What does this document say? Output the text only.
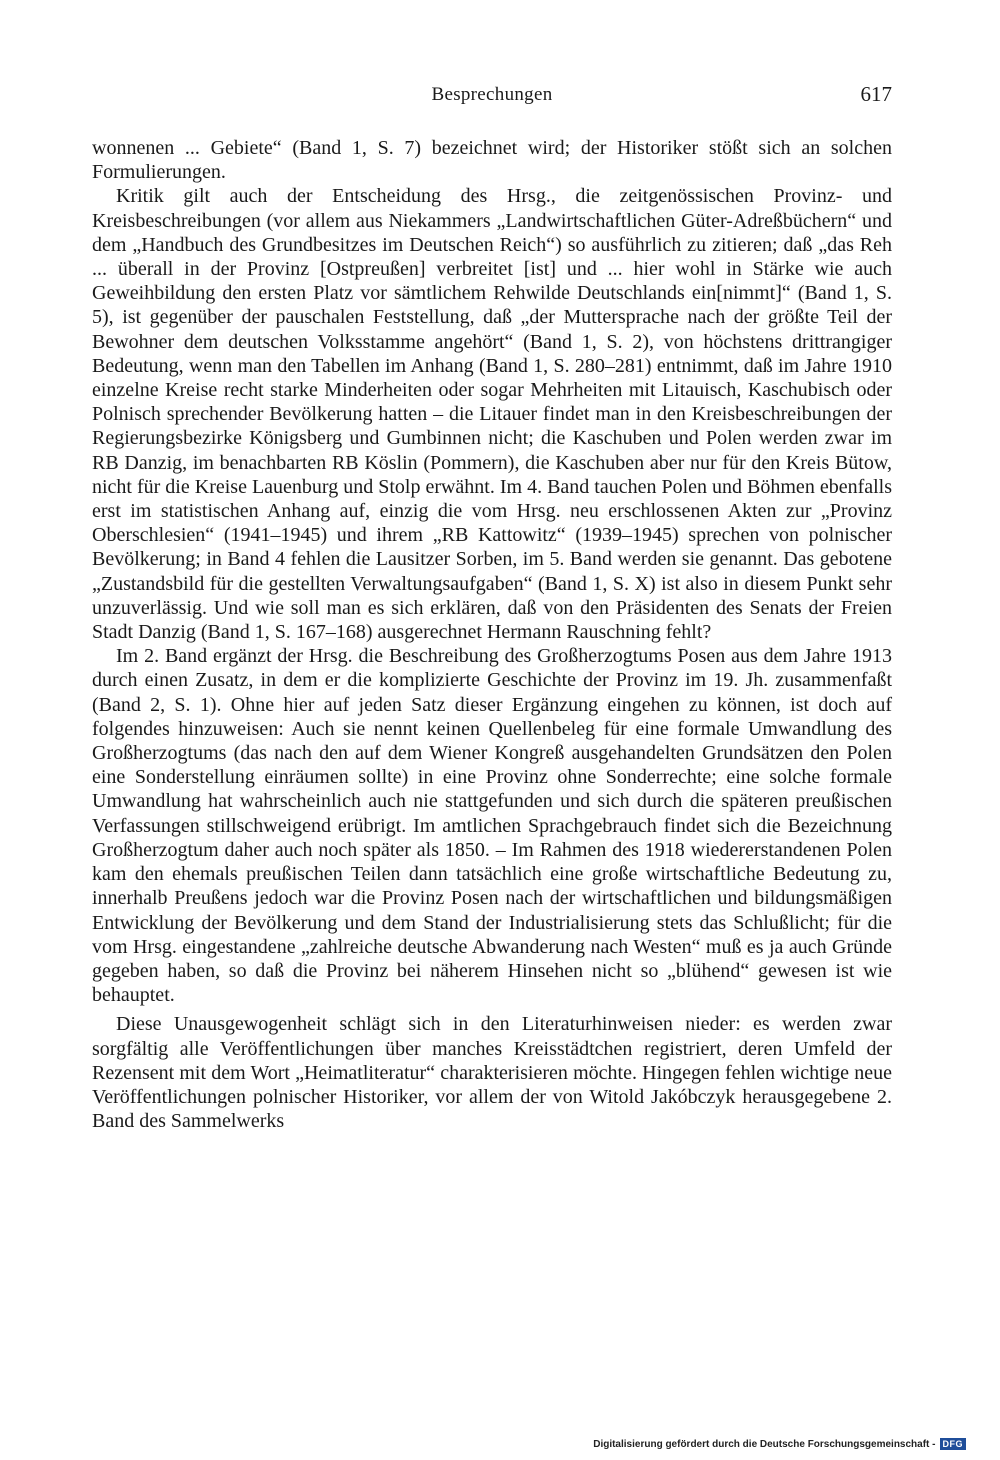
Besprechungen	617

wonnenen ... Gebiete“ (Band 1, S. 7) bezeichnet wird; der Historiker stößt sich an solchen Formulierungen.

Kritik gilt auch der Entscheidung des Hrsg., die zeitgenössischen Provinz- und Kreisbeschreibungen (vor allem aus Niekammers „Landwirtschaftlichen Güter-Adreßbüchern“ und dem „Handbuch des Grundbesitzes im Deutschen Reich“) so ausführlich zu zitieren; daß „das Reh ... überall in der Provinz [Ostpreußen] verbreitet [ist] und ... hier wohl in Stärke wie auch Geweihbildung den ersten Platz vor sämtlichem Rehwilde Deutschlands ein[nimmt]“ (Band 1, S. 5), ist gegenüber der pauschalen Feststellung, daß „der Muttersprache nach der größte Teil der Bewohner dem deutschen Volksstamme angehört“ (Band 1, S. 2), von höchstens drittrangiger Bedeutung, wenn man den Tabellen im Anhang (Band 1, S. 280–281) entnimmt, daß im Jahre 1910 einzelne Kreise recht starke Minderheiten oder sogar Mehrheiten mit Litauisch, Kaschubisch oder Polnisch sprechender Bevölkerung hatten – die Litauer findet man in den Kreisbeschreibungen der Regierungsbezirke Königsberg und Gumbinnen nicht; die Kaschuben und Polen werden zwar im RB Danzig, im benachbarten RB Köslin (Pommern), die Kaschuben aber nur für den Kreis Bütow, nicht für die Kreise Lauenburg und Stolp erwähnt. Im 4. Band tauchen Polen und Böhmen ebenfalls erst im statistischen Anhang auf, einzig die vom Hrsg. neu erschlossenen Akten zur „Provinz Oberschlesien“ (1941–1945) und ihrem „RB Kattowitz“ (1939–1945) sprechen von polnischer Bevölkerung; in Band 4 fehlen die Lausitzer Sorben, im 5. Band werden sie genannt. Das gebotene „Zustandsbild für die gestellten Verwaltungsaufgaben“ (Band 1, S. X) ist also in diesem Punkt sehr unzuverlässig. Und wie soll man es sich erklären, daß von den Präsidenten des Senats der Freien Stadt Danzig (Band 1, S. 167–168) ausgerechnet Hermann Rauschning fehlt?

Im 2. Band ergänzt der Hrsg. die Beschreibung des Großherzogtums Posen aus dem Jahre 1913 durch einen Zusatz, in dem er die komplizierte Geschichte der Provinz im 19. Jh. zusammenfaßt (Band 2, S. 1). Ohne hier auf jeden Satz dieser Ergänzung eingehen zu können, ist doch auf folgendes hinzuweisen: Auch sie nennt keinen Quellenbeleg für eine formale Umwandlung des Großherzogtums (das nach den auf dem Wiener Kongreß ausgehandelten Grundsätzen den Polen eine Sonderstellung einräumen sollte) in eine Provinz ohne Sonderrechte; eine solche formale Umwandlung hat wahrscheinlich auch nie stattgefunden und sich durch die späteren preußischen Verfassungen stillschweigend erübrigt. Im amtlichen Sprachgebrauch findet sich die Bezeichnung Großherzogtum daher auch noch später als 1850. – Im Rahmen des 1918 wiedererstandenen Polen kam den ehemals preußischen Teilen dann tatsächlich eine große wirtschaftliche Bedeutung zu, innerhalb Preußens jedoch war die Provinz Posen nach der wirtschaftlichen und bildungsmäßigen Entwicklung der Bevölkerung und dem Stand der Industrialisierung stets das Schlußlicht; für die vom Hrsg. eingestandene „zahlreiche deutsche Abwanderung nach Westen“ muß es ja auch Gründe gegeben haben, so daß die Provinz bei näherem Hinsehen nicht so „blühend“ gewesen ist wie behauptet.

Diese Unausgewogenheit schlägt sich in den Literaturhinweisen nieder: es werden zwar sorgfältig alle Veröffentlichungen über manches Kreisstädtchen registriert, deren Umfeld der Rezensent mit dem Wort „Heimatliteratur“ charakterisieren möchte. Hingegen fehlen wichtige neue Veröffentlichungen polnischer Historiker, vor allem der von Witold Jakóbczyk herausgegebene 2. Band des Sammelwerks

Digitalisierung gefördert durch die Deutsche Forschungsgemeinschaft - DFG
